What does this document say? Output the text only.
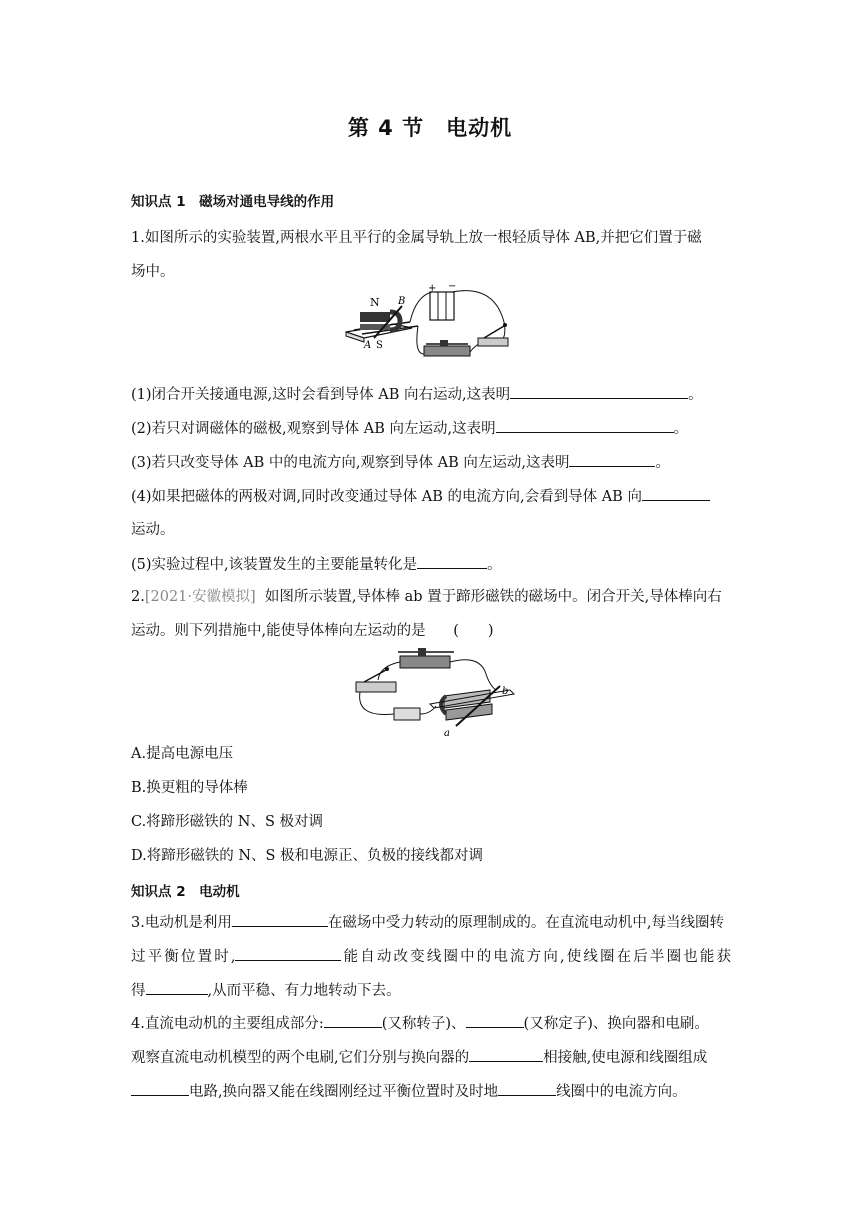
第 4 节　电动机
知识点 1　磁场对通电导线的作用
1.如图所示的实验装置,两根水平且平行的金属导轨上放一根轻质导体 AB,并把它们置于磁
场中。
N B
A S
+ −
(1)闭合开关接通电源,这时会看到导体 AB 向右运动,这表明	。
(2)若只对调磁体的磁极,观察到导体 AB 向左运动,这表明	。
(3)若只改变导体 AB 中的电流方向,观察到导体 AB 向左运动,这表明	。
(4)如果把磁体的两极对调,同时改变通过导体 AB 的电流方向,会看到导体 AB 向
运动。
(5)实验过程中,该装置发生的主要能量转化是	。
2.[2021·安徽模拟] 如图所示装置,导体棒 ab 置于蹄形磁铁的磁场中。闭合开关,导体棒向右
运动。则下列措施中,能使导体棒向左运动的是 (　　)
b
a
A.提高电源电压
B.换更粗的导体棒
C.将蹄形磁铁的 N、S 极对调
D.将蹄形磁铁的 N、S 极和电源正、负极的接线都对调
知识点 2　电动机
3.电动机是利用	在磁场中受力转动的原理制成的。在直流电动机中,每当线圈转
过平衡位置时,	能自动改变线圈中的电流方向,使线圈在后半圈也能获
得	,从而平稳、有力地转动下去。
4.直流电动机的主要组成部分:	(又称转子)、	(又称定子)、换向器和电刷。
观察直流电动机模型的两个电刷,它们分别与换向器的	相接触,使电源和线圈组成
电路,换向器又能在线圈刚经过平衡位置时及时地	线圈中的电流方向。
